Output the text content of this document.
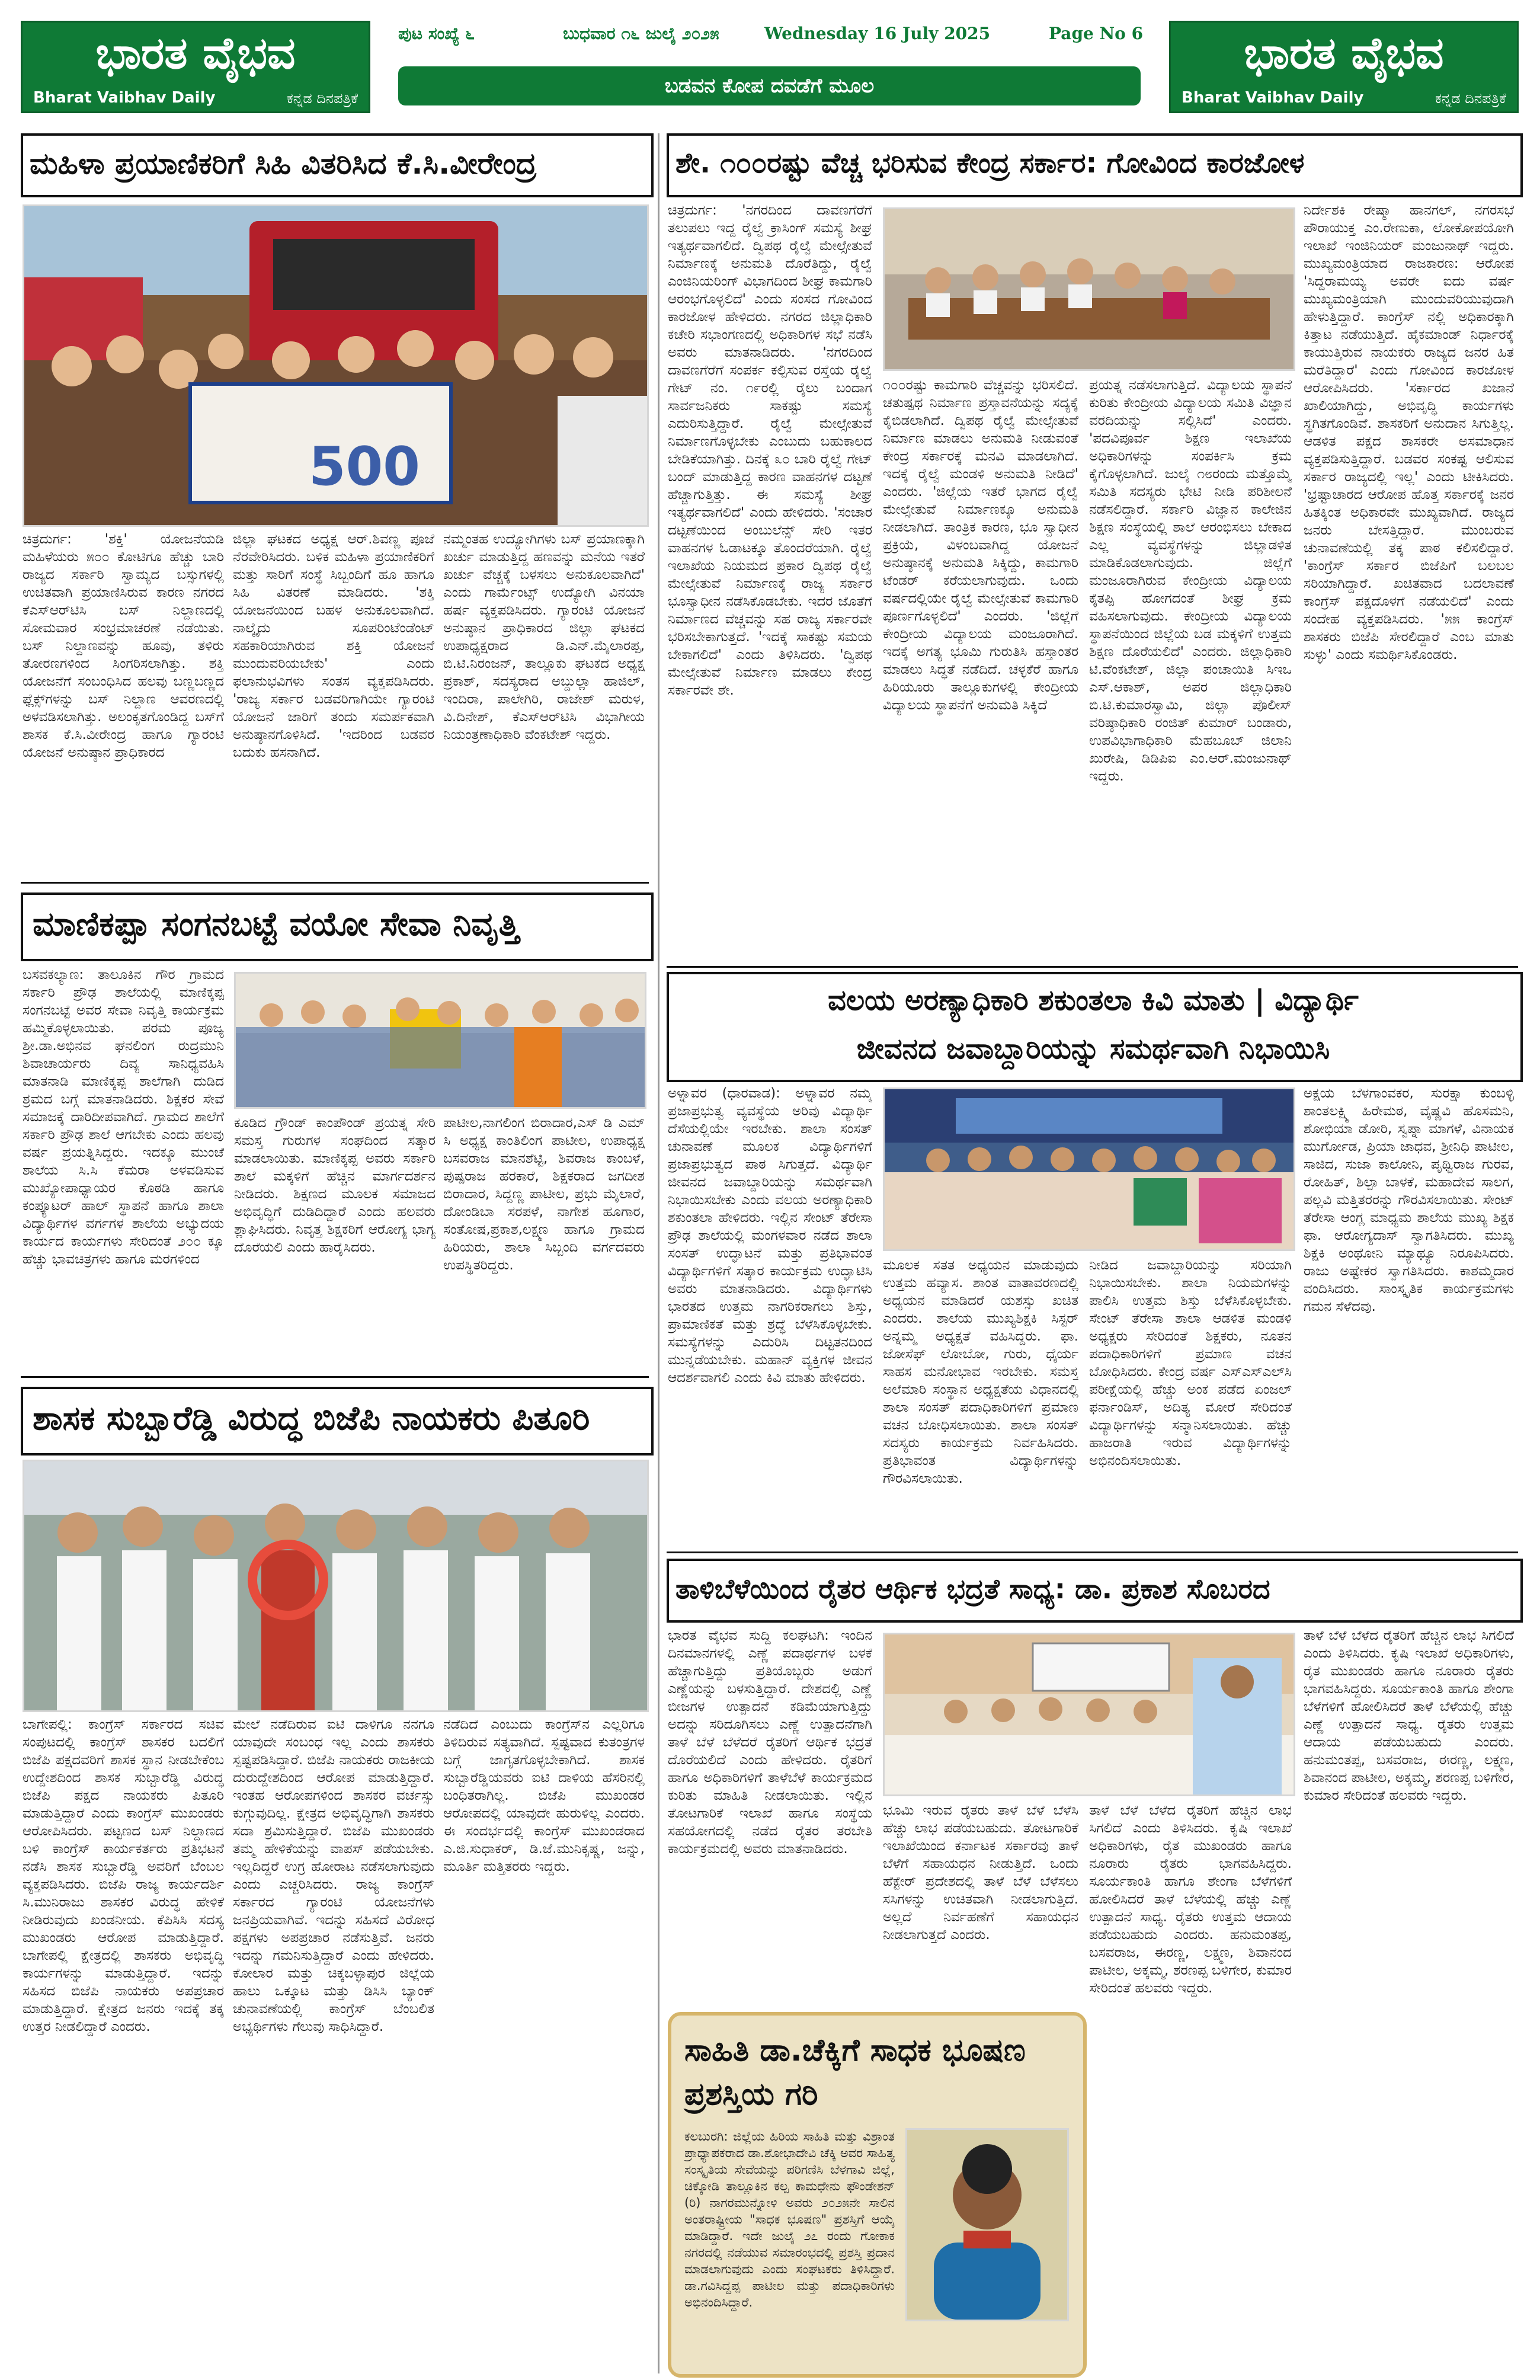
ಭಾರತ ವೈಭವ
Bharat Vaibhav Daily	ಕನ್ನಡ ದಿನಪತ್ರಿಕೆ
ಭಾರತ ವೈಭವ
Bharat Vaibhav Daily	ಕನ್ನಡ ದಿನಪತ್ರಿಕೆ
ಪುಟ ಸಂಖ್ಯೆ ೬	ಬುಧವಾರ ೧೬ ಜುಲೈ ೨೦೨೫	Wednesday 16 July 2025	Page No 6
ಬಡವನ ಕೋಪ ದವಡೆಗೆ ಮೂಲ
ಮಹಿಳಾ ಪ್ರಯಾಣಿಕರಿಗೆ ಸಿಹಿ ವಿತರಿಸಿದ ಕೆ.ಸಿ.ವೀರೇಂದ್ರ
500
ಚಿತ್ರದುರ್ಗ: 'ಶಕ್ತಿ' ಯೋಜನೆಯಡಿ ಮಹಿಳೆಯರು ೫೦೦ ಕೋಟಿಗೂ ಹೆಚ್ಚು ಬಾರಿ ರಾಜ್ಯದ ಸರ್ಕಾರಿ ಸ್ವಾಮ್ಯದ ಬಸ್ಸುಗಳಲ್ಲಿ ಉಚಿತವಾಗಿ ಪ್ರಯಾಣಿಸಿರುವ ಕಾರಣ ನಗರದ ಕೆಎಸ್‌ಆರ್‌ಟಿಸಿ ಬಸ್ ನಿಲ್ದಾಣದಲ್ಲಿ ಸೋಮವಾರ ಸಂಭ್ರಮಾಚರಣೆ ನಡೆಯಿತು. ಬಸ್ ನಿಲ್ದಾಣವನ್ನು ಹೂವು, ತಳಿರು ತೋರಣಗಳಿಂದ ಸಿಂಗರಿಸಲಾಗಿತ್ತು. ಶಕ್ತಿ ಯೋಜನೆಗೆ ಸಂಬಂಧಿಸಿದ ಹಲವು ಬಣ್ಣಬಣ್ಣದ ಫ್ಲೆಕ್ಸ್‌ಗಳನ್ನು ಬಸ್ ನಿಲ್ದಾಣ ಆವರಣದಲ್ಲಿ ಅಳವಡಿಸಲಾಗಿತ್ತು. ಅಲಂಕೃತಗೊಂಡಿದ್ದ ಬಸ್‌ಗೆ ಶಾಸಕ ಕೆ.ಸಿ.ವೀರೇಂದ್ರ ಹಾಗೂ ಗ್ಯಾರಂಟಿ ಯೋಜನೆ ಅನುಷ್ಠಾನ ಪ್ರಾಧಿಕಾರದ
ಜಿಲ್ಲಾ ಘಟಕದ ಅಧ್ಯಕ್ಷ ಆರ್.ಶಿವಣ್ಣ ಪೂಜೆ ನೆರವೇರಿಸಿದರು. ಬಳಿಕ ಮಹಿಳಾ ಪ್ರಯಾಣಿಕರಿಗೆ ಮತ್ತು ಸಾರಿಗೆ ಸಂಸ್ಥೆ ಸಿಬ್ಬಂದಿಗೆ ಹೂ ಹಾಗೂ ಸಿಹಿ ವಿತರಣೆ ಮಾಡಿದರು. 'ಶಕ್ತಿ ಯೋಜನೆಯಿಂದ ಬಹಳ ಅನುಕೂಲವಾಗಿದೆ. ನಾಲ್ಕೈದು ಸೂಪರಿಂಟೆಂಡೆಂಟ್ ಸಹಕಾರಿಯಾಗಿರುವ ಶಕ್ತಿ ಯೋಜನೆ ಮುಂದುವರಿಯಬೇಕು' ಎಂದು ಫಲಾನುಭವಿಗಳು ಸಂತಸ ವ್ಯಕ್ತಪಡಿಸಿದರು. 'ರಾಜ್ಯ ಸರ್ಕಾರ ಬಡವರಿಗಾಗಿಯೇ ಗ್ಯಾರಂಟಿ ಯೋಜನೆ ಜಾರಿಗೆ ತಂದು ಸಮರ್ಪಕವಾಗಿ ಅನುಷ್ಠಾನಗೊಳಿಸಿದೆ. 'ಇದರಿಂದ ಬಡವರ ಬದುಕು ಹಸನಾಗಿದೆ.
ನಮ್ಮಂತಹ ಉದ್ಯೋಗಿಗಳು ಬಸ್ ಪ್ರಯಾಣಕ್ಕಾಗಿ ಖರ್ಚು ಮಾಡುತ್ತಿದ್ದ ಹಣವನ್ನು ಮನೆಯ ಇತರೆ ಖರ್ಚು ವೆಚ್ಚಕ್ಕೆ ಬಳಸಲು ಅನುಕೂಲವಾಗಿದೆ' ಎಂದು ಗಾರ್ಮೆಂಟ್ಸ್ ಉದ್ಯೋಗಿ ವಿನಯಾ ಹರ್ಷ ವ್ಯಕ್ತಪಡಿಸಿದರು. ಗ್ಯಾರಂಟಿ ಯೋಜನೆ ಅನುಷ್ಠಾನ ಪ್ರಾಧಿಕಾರದ ಜಿಲ್ಲಾ ಘಟಕದ ಉಪಾಧ್ಯಕ್ಷರಾದ ಡಿ.ಎನ್.ಮೈಲಾರಪ್ಪ, ಬಿ.ಟಿ.ನಿರಂಜನ್, ತಾಲ್ಲೂಕು ಘಟಕದ ಅಧ್ಯಕ್ಷ ಪ್ರಕಾಶ್, ಸದಸ್ಯರಾದ ಅಬ್ದುಲ್ಲಾ ಹಾಜಿಲ್, ಇಂದಿರಾ, ಪಾಲೇಗಿರಿ, ರಾಜೇಶ್ ಮರುಳ, ವಿ.ದಿನೇಶ್, ಕೆಎಸ್‌ಆರ್‌ಟಿಸಿ ವಿಭಾಗೀಯ ನಿಯಂತ್ರಣಾಧಿಕಾರಿ ವೆಂಕಟೇಶ್ ಇದ್ದರು.
ಮಾಣಿಕಪ್ಪಾ ಸಂಗನಬಟ್ಟೆ ವಯೋ ಸೇವಾ ನಿವೃತ್ತಿ
ಬಸವಕಲ್ಯಾಣ: ತಾಲೂಕಿನ ಗೌರ ಗ್ರಾಮದ ಸರ್ಕಾರಿ ಪ್ರೌಢ ಶಾಲೆಯಲ್ಲಿ ಮಾಣಿಕ್ಕಪ್ಪ ಸಂಗನಬಟ್ಟೆ ಅವರ ಸೇವಾ ನಿವೃತ್ತಿ ಕಾರ್ಯಕ್ರಮ ಹಮ್ಮಿಕೊಳ್ಳಲಾಯಿತು. ಪರಮ ಪೂಜ್ಯ ಶ್ರೀ.ಡಾ.ಅಭಿನವ ಘನಲಿಂಗ ರುದ್ರಮುನಿ ಶಿವಾಚಾರ್ಯರು ದಿವ್ಯ ಸಾನಿಧ್ಯವಹಿಸಿ ಮಾತನಾಡಿ ಮಾಣಿಕ್ಕಪ್ಪ ಶಾಲೆಗಾಗಿ ದುಡಿದ ಶ್ರಮದ ಬಗ್ಗೆ ಮಾತನಾಡಿದರು. ಶಿಕ್ಷಕರ ಸೇವೆ ಸಮಾಜಕ್ಕೆ ದಾರಿದೀಪವಾಗಿದೆ. ಗ್ರಾಮದ ಶಾಲೆಗೆ ಸರ್ಕಾರಿ ಪ್ರೌಢ ಶಾಲೆ ಆಗಬೇಕು ಎಂದು ಹಲವು ವರ್ಷ ಪ್ರಯತ್ನಿಸಿದ್ದರು. ಇದಕ್ಕೂ ಮುಂಚೆ ಶಾಲೆಯ ಸಿ.ಸಿ ಕೆಮರಾ ಅಳವಡಿಸುವ ಮುಖ್ಯೋಪಾಧ್ಯಾಯರ ಕೊಠಡಿ ಹಾಗೂ ಕಂಪ್ಯೂಟರ್ ಹಾಲ್ ಸ್ಥಾಪನೆ ಹಾಗೂ ಶಾಲಾ ವಿದ್ಯಾರ್ಥಿಗಳ ವರ್ಗಗಳ ಶಾಲೆಯ ಅಭ್ಯುದಯ ಕಾರ್ಯದ ಕಾರ್ಯಗಳು ಸೇರಿದಂತೆ ೨೦೦ ಕ್ಕೂ ಹೆಚ್ಚು ಭಾವಚಿತ್ರಗಳು ಹಾಗೂ ಮರಗಳಿಂದ
ಕೂಡಿದ ಗ್ರೌಂಡ್ ಕಾಂಪೌಂಡ್ ಪ್ರಯತ್ನ ಸೇರಿ ಸಮಸ್ತ ಗುರುಗಳ ಸಂಘದಿಂದ ಸತ್ಕಾರ ಮಾಡಲಾಯಿತು. ಮಾಣಿಕ್ಕಪ್ಪ ಅವರು ಸರ್ಕಾರಿ ಶಾಲೆ ಮಕ್ಕಳಿಗೆ ಹೆಚ್ಚಿನ ಮಾರ್ಗದರ್ಶನ ನೀಡಿದರು. ಶಿಕ್ಷಣದ ಮೂಲಕ ಸಮಾಜದ ಅಭಿವೃದ್ಧಿಗೆ ದುಡಿದಿದ್ದಾರೆ ಎಂದು ಹಲವರು ಶ್ಲಾಘಿಸಿದರು. ನಿವೃತ್ತ ಶಿಕ್ಷಕರಿಗೆ ಆರೋಗ್ಯ ಭಾಗ್ಯ ದೊರೆಯಲಿ ಎಂದು ಹಾರೈಸಿದರು.
ಪಾಟೀಲ,ನಾಗಲಿಂಗ ಬಿರಾದಾರ,ಎಸ್ ಡಿ ಎಮ್ ಸಿ ಅಧ್ಯಕ್ಷ ಕಾಂತಿಲಿಂಗ ಪಾಟೀಲ, ಉಪಾಧ್ಯಕ್ಷ ಬಸವರಾಜ ಮಾನಶೆಟ್ಟಿ, ಶಿವರಾಜ ಕಾಂಬಳೆ, ಪುಷ್ಪರಾಜ ಹರಕಾರೆ, ಶಿಕ್ಷಕರಾದ ಜಗದೀಶ ಬಿರಾದಾರ, ಸಿದ್ದಣ್ಣ ಪಾಟೀಲ, ಪ್ರಭು ಮೈಲಾರೆ, ದೋಂಡಿಬಾ ಸರಪಳೆ, ನಾಗೇಶ ಹೂಗಾರ, ಸಂತೋಷ,ಪ್ರಕಾಶ,ಲಕ್ಷ್ಮಣ ಹಾಗೂ ಗ್ರಾಮದ ಹಿರಿಯರು, ಶಾಲಾ ಸಿಬ್ಬಂದಿ ವರ್ಗದವರು ಉಪಸ್ಥಿತರಿದ್ದರು.
ಶಾಸಕ ಸುಬ್ಬಾರೆಡ್ಡಿ ವಿರುದ್ಧ ಬಿಜೆಪಿ ನಾಯಕರು ಪಿತೂರಿ
ಬಾಗೇಪಲ್ಲಿ: ಕಾಂಗ್ರೆಸ್ ಸರ್ಕಾರದ ಸಚಿವ ಸಂಪುಟದಲ್ಲಿ ಕಾಂಗ್ರೆಸ್ ಶಾಸಕರ ಬದಲಿಗೆ ಬಿಜೆಪಿ ಪಕ್ಷದವರಿಗೆ ಶಾಸಕ ಸ್ಥಾನ ನೀಡಬೇಕೆಂಬ ಉದ್ದೇಶದಿಂದ ಶಾಸಕ ಸುಬ್ಬಾರೆಡ್ಡಿ ವಿರುದ್ಧ ಬಿಜೆಪಿ ಪಕ್ಷದ ನಾಯಕರು ಪಿತೂರಿ ಮಾಡುತ್ತಿದ್ದಾರೆ ಎಂದು ಕಾಂಗ್ರೆಸ್ ಮುಖಂಡರು ಆರೋಪಿಸಿದರು. ಪಟ್ಟಣದ ಬಸ್ ನಿಲ್ದಾಣದ ಬಳಿ ಕಾಂಗ್ರೆಸ್ ಕಾರ್ಯಕರ್ತರು ಪ್ರತಿಭಟನೆ ನಡೆಸಿ ಶಾಸಕ ಸುಬ್ಬಾರೆಡ್ಡಿ ಅವರಿಗೆ ಬೆಂಬಲ ವ್ಯಕ್ತಪಡಿಸಿದರು. ಬಿಜೆಪಿ ರಾಜ್ಯ ಕಾರ್ಯದರ್ಶಿ ಸಿ.ಮುನಿರಾಜು ಶಾಸಕರ ವಿರುದ್ಧ ಹೇಳಿಕೆ ನೀಡಿರುವುದು ಖಂಡನೀಯ. ಕೆಪಿಸಿಸಿ ಸದಸ್ಯ ಮುಖಂಡರು ಆರೋಪ ಮಾಡುತ್ತಿದ್ದಾರೆ. ಬಾಗೇಪಲ್ಲಿ ಕ್ಷೇತ್ರದಲ್ಲಿ ಶಾಸಕರು ಅಭಿವೃದ್ಧಿ ಕಾರ್ಯಗಳನ್ನು ಮಾಡುತ್ತಿದ್ದಾರೆ. ಇದನ್ನು ಸಹಿಸದ ಬಿಜೆಪಿ ನಾಯಕರು ಅಪಪ್ರಚಾರ ಮಾಡುತ್ತಿದ್ದಾರೆ. ಕ್ಷೇತ್ರದ ಜನರು ಇದಕ್ಕೆ ತಕ್ಕ ಉತ್ತರ ನೀಡಲಿದ್ದಾರೆ ಎಂದರು.
ಮೇಲೆ ನಡೆದಿರುವ ಐಟಿ ದಾಳಿಗೂ ನನಗೂ ಯಾವುದೇ ಸಂಬಂಧ ಇಲ್ಲ ಎಂದು ಶಾಸಕರು ಸ್ಪಷ್ಟಪಡಿಸಿದ್ದಾರೆ. ಬಿಜೆಪಿ ನಾಯಕರು ರಾಜಕೀಯ ದುರುದ್ದೇಶದಿಂದ ಆರೋಪ ಮಾಡುತ್ತಿದ್ದಾರೆ. ಇಂತಹ ಆರೋಪಗಳಿಂದ ಶಾಸಕರ ವರ್ಚಸ್ಸು ಕುಗ್ಗುವುದಿಲ್ಲ. ಕ್ಷೇತ್ರದ ಅಭಿವೃದ್ಧಿಗಾಗಿ ಶಾಸಕರು ಸದಾ ಶ್ರಮಿಸುತ್ತಿದ್ದಾರೆ. ಬಿಜೆಪಿ ಮುಖಂಡರು ತಮ್ಮ ಹೇಳಿಕೆಯನ್ನು ವಾಪಸ್ ಪಡೆಯಬೇಕು. ಇಲ್ಲದಿದ್ದರೆ ಉಗ್ರ ಹೋರಾಟ ನಡೆಸಲಾಗುವುದು ಎಂದು ಎಚ್ಚರಿಸಿದರು. ರಾಜ್ಯ ಕಾಂಗ್ರೆಸ್ ಸರ್ಕಾರದ ಗ್ಯಾರಂಟಿ ಯೋಜನೆಗಳು ಜನಪ್ರಿಯವಾಗಿವೆ. ಇದನ್ನು ಸಹಿಸದೆ ವಿರೋಧ ಪಕ್ಷಗಳು ಅಪಪ್ರಚಾರ ನಡೆಸುತ್ತಿವೆ. ಜನರು ಇದನ್ನು ಗಮನಿಸುತ್ತಿದ್ದಾರೆ ಎಂದು ಹೇಳಿದರು. ಕೋಲಾರ ಮತ್ತು ಚಿಕ್ಕಬಳ್ಳಾಪುರ ಜಿಲ್ಲೆಯ ಹಾಲು ಒಕ್ಕೂಟ ಮತ್ತು ಡಿಸಿಸಿ ಬ್ಯಾಂಕ್ ಚುನಾವಣೆಯಲ್ಲಿ ಕಾಂಗ್ರೆಸ್ ಬೆಂಬಲಿತ ಅಭ್ಯರ್ಥಿಗಳು ಗೆಲುವು ಸಾಧಿಸಿದ್ದಾರೆ.
ನಡೆದಿದೆ ಎಂಬುದು ಕಾಂಗ್ರೆಸ್‌ನ ಎಲ್ಲರಿಗೂ ತಿಳಿದಿರುವ ಸತ್ಯವಾಗಿದೆ. ಸ್ಪಷ್ಟವಾದ ಕುತಂತ್ರಗಳ ಬಗ್ಗೆ ಜಾಗೃತಗೊಳ್ಳಬೇಕಾಗಿದೆ. ಶಾಸಕ ಸುಬ್ಬಾರೆಡ್ಡಿಯವರು ಐಟಿ ದಾಳಿಯ ಹೆಸರಿನಲ್ಲಿ ಬಂಧಿತರಾಗಿಲ್ಲ. ಬಿಜೆಪಿ ಮುಖಂಡರ ಆರೋಪದಲ್ಲಿ ಯಾವುದೇ ಹುರುಳಿಲ್ಲ ಎಂದರು. ಈ ಸಂದರ್ಭದಲ್ಲಿ ಕಾಂಗ್ರೆಸ್ ಮುಖಂಡರಾದ ಎ.ಜಿ.ಸುಧಾಕರ್, ಡಿ.ಜೆ.ಮುನಿಕೃಷ್ಣ, ಜನ್ನು, ಮೂರ್ತಿ ಮತ್ತಿತರರು ಇದ್ದರು.
ಶೇ. ೧೦೦ರಷ್ಟು ವೆಚ್ಚ ಭರಿಸುವ ಕೇಂದ್ರ ಸರ್ಕಾರ: ಗೋವಿಂದ ಕಾರಜೋಳ
ಚಿತ್ರದುರ್ಗ: 'ನಗರದಿಂದ ದಾವಣಗೆರೆಗೆ ತಲುಪಲು ಇದ್ದ ರೈಲ್ವೆ ಕ್ರಾಸಿಂಗ್ ಸಮಸ್ಯೆ ಶೀಘ್ರ ಇತ್ಯರ್ಥವಾಗಲಿದೆ. ದ್ವಿಪಥ ರೈಲ್ವೆ ಮೇಲ್ಸೇತುವೆ ನಿರ್ಮಾಣಕ್ಕೆ ಅನುಮತಿ ದೊರೆತಿದ್ದು, ರೈಲ್ವೆ ಎಂಜಿನಿಯರಿಂಗ್ ವಿಭಾಗದಿಂದ ಶೀಘ್ರ ಕಾಮಗಾರಿ ಆರಂಭಗೊಳ್ಳಲಿದೆ' ಎಂದು ಸಂಸದ ಗೋವಿಂದ ಕಾರಜೋಳ ಹೇಳಿದರು. ನಗರದ ಜಿಲ್ಲಾಧಿಕಾರಿ ಕಚೇರಿ ಸಭಾಂಗಣದಲ್ಲಿ ಅಧಿಕಾರಿಗಳ ಸಭೆ ನಡೆಸಿ ಅವರು ಮಾತನಾಡಿದರು. 'ನಗರದಿಂದ ದಾವಣಗೆರೆಗೆ ಸಂಪರ್ಕ ಕಲ್ಪಿಸುವ ರಸ್ತೆಯ ರೈಲ್ವೆ ಗೇಟ್ ನಂ. ೧೯ರಲ್ಲಿ ರೈಲು ಬಂದಾಗ ಸಾರ್ವಜನಿಕರು ಸಾಕಷ್ಟು ಸಮಸ್ಯೆ ಎದುರಿಸುತ್ತಿದ್ದಾರೆ. ರೈಲ್ವೆ ಮೇಲ್ಸೇತುವೆ ನಿರ್ಮಾಣಗೊಳ್ಳಬೇಕು ಎಂಬುದು ಬಹುಕಾಲದ ಬೇಡಿಕೆಯಾಗಿತ್ತು. ದಿನಕ್ಕೆ ೩೦ ಬಾರಿ ರೈಲ್ವೆ ಗೇಟ್ ಬಂದ್ ಮಾಡುತ್ತಿದ್ದ ಕಾರಣ ವಾಹನಗಳ ದಟ್ಟಣೆ ಹೆಚ್ಚಾಗುತ್ತಿತ್ತು. ಈ ಸಮಸ್ಯೆ ಶೀಘ್ರ ಇತ್ಯರ್ಥವಾಗಲಿದೆ' ಎಂದು ಹೇಳಿದರು. 'ಸಂಚಾರ ದಟ್ಟಣೆಯಿಂದ ಅಂಬುಲೆನ್ಸ್ ಸೇರಿ ಇತರ ವಾಹನಗಳ ಓಡಾಟಕ್ಕೂ ತೊಂದರೆಯಾಗಿ. ರೈಲ್ವೆ ಇಲಾಖೆಯ ನಿಯಮದ ಪ್ರಕಾರ ದ್ವಿಪಥ ರೈಲ್ವೆ ಮೇಲ್ಸೇತುವೆ ನಿರ್ಮಾಣಕ್ಕೆ ರಾಜ್ಯ ಸರ್ಕಾರ ಭೂಸ್ವಾಧೀನ ನಡೆಸಿಕೊಡಬೇಕು. ಇದರ ಜೊತೆಗೆ ನಿರ್ಮಾಣದ ವೆಚ್ಚವನ್ನು ಸಹ ರಾಜ್ಯ ಸರ್ಕಾರವೇ ಭರಿಸಬೇಕಾಗುತ್ತದೆ. 'ಇದಕ್ಕೆ ಸಾಕಷ್ಟು ಸಮಯ ಬೇಕಾಗಲಿದೆ' ಎಂದು ತಿಳಿಸಿದರು. 'ದ್ವಿಪಥ ಮೇಲ್ಸೇತುವೆ ನಿರ್ಮಾಣ ಮಾಡಲು ಕೇಂದ್ರ ಸರ್ಕಾರವೇ ಶೇ.
೧೦೦ರಷ್ಟು ಕಾಮಗಾರಿ ವೆಚ್ಚವನ್ನು ಭರಿಸಲಿದೆ. ಚತುಷ್ಪಥ ನಿರ್ಮಾಣ ಪ್ರಸ್ತಾವನೆಯನ್ನು ಸದ್ಯಕ್ಕೆ ಕೈಬಿಡಲಾಗಿದೆ. ದ್ವಿಪಥ ರೈಲ್ವೆ ಮೇಲ್ಸೇತುವೆ ನಿರ್ಮಾಣ ಮಾಡಲು ಅನುಮತಿ ನೀಡುವಂತೆ ಕೇಂದ್ರ ಸರ್ಕಾರಕ್ಕೆ ಮನವಿ ಮಾಡಲಾಗಿದೆ. ಇದಕ್ಕೆ ರೈಲ್ವೆ ಮಂಡಳಿ ಅನುಮತಿ ನೀಡಿದೆ' ಎಂದರು. 'ಜಿಲ್ಲೆಯ ಇತರೆ ಭಾಗದ ರೈಲ್ವೆ ಮೇಲ್ಸೇತುವೆ ನಿರ್ಮಾಣಕ್ಕೂ ಅನುಮತಿ ನೀಡಲಾಗಿದೆ. ತಾಂತ್ರಿಕ ಕಾರಣ, ಭೂ ಸ್ವಾಧೀನ ಪ್ರಕ್ರಿಯೆ, ವಿಳಂಬವಾಗಿದ್ದ ಯೋಜನೆ ಅನುಷ್ಠಾನಕ್ಕೆ ಅನುಮತಿ ಸಿಕ್ಕಿದ್ದು, ಕಾಮಗಾರಿ ಟೆಂಡರ್ ಕರೆಯಲಾಗುವುದು. ಒಂದು ವರ್ಷದಲ್ಲಿಯೇ ರೈಲ್ವೆ ಮೇಲ್ಸೇತುವೆ ಕಾಮಗಾರಿ ಪೂರ್ಣಗೊಳ್ಳಲಿದೆ' ಎಂದರು. 'ಜಿಲ್ಲೆಗೆ ಕೇಂದ್ರೀಯ ವಿದ್ಯಾಲಯ ಮಂಜೂರಾಗಿದೆ. ಇದಕ್ಕೆ ಅಗತ್ಯ ಭೂಮಿ ಗುರುತಿಸಿ ಹಸ್ತಾಂತರ ಮಾಡಲು ಸಿದ್ಧತೆ ನಡೆದಿದೆ. ಚಳ್ಳಕೆರೆ ಹಾಗೂ ಹಿರಿಯೂರು ತಾಲ್ಲೂಕುಗಳಲ್ಲಿ ಕೇಂದ್ರೀಯ ವಿದ್ಯಾಲಯ ಸ್ಥಾಪನೆಗೆ ಅನುಮತಿ ಸಿಕ್ಕಿದೆ
ಪ್ರಯತ್ನ ನಡೆಸಲಾಗುತ್ತಿದೆ. ವಿದ್ಯಾಲಯ ಸ್ಥಾಪನೆ ಕುರಿತು ಕೇಂದ್ರೀಯ ವಿದ್ಯಾಲಯ ಸಮಿತಿ ವಿಜ್ಞಾನ ವರದಿಯನ್ನು ಸಲ್ಲಿಸಿದೆ' ಎಂದರು. 'ಪದವಿಪೂರ್ವ ಶಿಕ್ಷಣ ಇಲಾಖೆಯ ಅಧಿಕಾರಿಗಳನ್ನು ಸಂಪರ್ಕಿಸಿ ಕ್ರಮ ಕೈಗೊಳ್ಳಲಾಗಿದೆ. ಜುಲೈ ೧೮ರಂದು ಮತ್ತೊಮ್ಮೆ ಸಮಿತಿ ಸದಸ್ಯರು ಭೇಟಿ ನೀಡಿ ಪರಿಶೀಲನೆ ನಡೆಸಲಿದ್ದಾರೆ. ಸರ್ಕಾರಿ ವಿಜ್ಞಾನ ಕಾಲೇಜಿನ ಶಿಕ್ಷಣ ಸಂಸ್ಥೆಯಲ್ಲಿ ಶಾಲೆ ಆರಂಭಿಸಲು ಬೇಕಾದ ಎಲ್ಲ ವ್ಯವಸ್ಥೆಗಳನ್ನು ಜಿಲ್ಲಾಡಳಿತ ಮಾಡಿಕೊಡಲಾಗುವುದು. ಜಿಲ್ಲೆಗೆ ಮಂಜೂರಾಗಿರುವ ಕೇಂದ್ರೀಯ ವಿದ್ಯಾಲಯ ಕೈತಪ್ಪಿ ಹೋಗದಂತೆ ಶೀಘ್ರ ಕ್ರಮ ವಹಿಸಲಾಗುವುದು. ಕೇಂದ್ರೀಯ ವಿದ್ಯಾಲಯ ಸ್ಥಾಪನೆಯಿಂದ ಜಿಲ್ಲೆಯ ಬಡ ಮಕ್ಕಳಿಗೆ ಉತ್ತಮ ಶಿಕ್ಷಣ ದೊರೆಯಲಿದೆ' ಎಂದರು. ಜಿಲ್ಲಾಧಿಕಾರಿ ಟಿ.ವೆಂಕಟೇಶ್, ಜಿಲ್ಲಾ ಪಂಚಾಯಿತಿ ಸಿಇಒ ಎಸ್.ಆಕಾಶ್, ಅಪರ ಜಿಲ್ಲಾಧಿಕಾರಿ ಬಿ.ಟಿ.ಕುಮಾರಸ್ವಾಮಿ, ಜಿಲ್ಲಾ ಪೊಲೀಸ್ ವರಿಷ್ಠಾಧಿಕಾರಿ ರಂಜಿತ್ ಕುಮಾರ್ ಬಂಡಾರು, ಉಪವಿಭಾಗಾಧಿಕಾರಿ ಮೆಹಬೂಬ್ ಜಿಲಾನಿ ಖುರೇಷಿ, ಡಿಡಿಪಿಐ ಎಂ.ಆರ್.ಮಂಜುನಾಥ್ ಇದ್ದರು.
ನಿರ್ದೇಶಕಿ ರೇಷ್ಮಾ ಹಾನಗಲ್, ನಗರಸಭೆ ಪೌರಾಯುಕ್ತ ಎಂ.ರೇಣುಕಾ, ಲೋಕೋಪಯೋಗಿ ಇಲಾಖೆ ಇಂಜಿನಿಯರ್ ಮಂಜುನಾಥ್ ಇದ್ದರು. ಮುಖ್ಯಮಂತ್ರಿಯಾದ ರಾಜಕಾರಣ: ಆರೋಪ 'ಸಿದ್ದರಾಮಯ್ಯ ಅವರೇ ಐದು ವರ್ಷ ಮುಖ್ಯಮಂತ್ರಿಯಾಗಿ ಮುಂದುವರಿಯುವುದಾಗಿ ಹೇಳುತ್ತಿದ್ದಾರೆ. ಕಾಂಗ್ರೆಸ್ ನಲ್ಲಿ ಅಧಿಕಾರಕ್ಕಾಗಿ ಕಿತ್ತಾಟ ನಡೆಯುತ್ತಿದೆ. ಹೈಕಮಾಂಡ್ ನಿರ್ಧಾರಕ್ಕೆ ಕಾಯುತ್ತಿರುವ ನಾಯಕರು ರಾಜ್ಯದ ಜನರ ಹಿತ ಮರೆತಿದ್ದಾರೆ' ಎಂದು ಗೋವಿಂದ ಕಾರಜೋಳ ಆರೋಪಿಸಿದರು. 'ಸರ್ಕಾರದ ಖಜಾನೆ ಖಾಲಿಯಾಗಿದ್ದು, ಅಭಿವೃದ್ಧಿ ಕಾರ್ಯಗಳು ಸ್ಥಗಿತಗೊಂಡಿವೆ. ಶಾಸಕರಿಗೆ ಅನುದಾನ ಸಿಗುತ್ತಿಲ್ಲ. ಆಡಳಿತ ಪಕ್ಷದ ಶಾಸಕರೇ ಅಸಮಾಧಾನ ವ್ಯಕ್ತಪಡಿಸುತ್ತಿದ್ದಾರೆ. ಬಡವರ ಸಂಕಷ್ಟ ಆಲಿಸುವ ಸರ್ಕಾರ ರಾಜ್ಯದಲ್ಲಿ ಇಲ್ಲ' ಎಂದು ಟೀಕಿಸಿದರು. 'ಭ್ರಷ್ಟಾಚಾರದ ಆರೋಪ ಹೊತ್ತ ಸರ್ಕಾರಕ್ಕೆ ಜನರ ಹಿತಕ್ಕಿಂತ ಅಧಿಕಾರವೇ ಮುಖ್ಯವಾಗಿದೆ. ರಾಜ್ಯದ ಜನರು ಬೇಸತ್ತಿದ್ದಾರೆ. ಮುಂಬರುವ ಚುನಾವಣೆಯಲ್ಲಿ ತಕ್ಕ ಪಾಠ ಕಲಿಸಲಿದ್ದಾರೆ. 'ಕಾಂಗ್ರೆಸ್ ಸರ್ಕಾರ ಬಿಜೆಪಿಗೆ ಬಲಬಲ ಸರಿಯಾಗಿದ್ದಾರೆ. ಖಚಿತವಾದ ಬದಲಾವಣೆ ಕಾಂಗ್ರೆಸ್ ಪಕ್ಷದೊಳಗೆ ನಡೆಯಲಿದೆ' ಎಂದು ಸಂದೇಹ ವ್ಯಕ್ತಪಡಿಸಿದರು. '೫೫ ಕಾಂಗ್ರೆಸ್ ಶಾಸಕರು ಬಿಜೆಪಿ ಸೇರಲಿದ್ದಾರೆ ಎಂಬ ಮಾತು ಸುಳ್ಳು' ಎಂದು ಸಮರ್ಥಿಸಿಕೊಂಡರು.
ವಲಯ ಅರಣ್ಯಾಧಿಕಾರಿ ಶಕುಂತಲಾ ಕಿವಿ ಮಾತು | ವಿದ್ಯಾರ್ಥಿ
ಜೀವನದ ಜವಾಬ್ದಾರಿಯನ್ನು ಸಮರ್ಥವಾಗಿ ನಿಭಾಯಿಸಿ
ಅಳ್ನಾವರ (ಧಾರವಾಡ): ಅಳ್ನಾವರ ನಮ್ಮ ಪ್ರಜಾಪ್ರಭುತ್ವ ವ್ಯವಸ್ಥೆಯ ಅರಿವು ವಿದ್ಯಾರ್ಥಿ ದೆಸೆಯಲ್ಲಿಯೇ ಇರಬೇಕು. ಶಾಲಾ ಸಂಸತ್ ಚುನಾವಣೆ ಮೂಲಕ ವಿದ್ಯಾರ್ಥಿಗಳಿಗೆ ಪ್ರಜಾಪ್ರಭುತ್ವದ ಪಾಠ ಸಿಗುತ್ತದೆ. ವಿದ್ಯಾರ್ಥಿ ಜೀವನದ ಜವಾಬ್ದಾರಿಯನ್ನು ಸಮರ್ಥವಾಗಿ ನಿಭಾಯಿಸಬೇಕು ಎಂದು ವಲಯ ಅರಣ್ಯಾಧಿಕಾರಿ ಶಕುಂತಲಾ ಹೇಳಿದರು. ಇಲ್ಲಿನ ಸೇಂಟ್ ತೆರೇಸಾ ಪ್ರೌಢ ಶಾಲೆಯಲ್ಲಿ ಮಂಗಳವಾರ ನಡೆದ ಶಾಲಾ ಸಂಸತ್ ಉದ್ಘಾಟನೆ ಮತ್ತು ಪ್ರತಿಭಾವಂತ ವಿದ್ಯಾರ್ಥಿಗಳಿಗೆ ಸತ್ಕಾರ ಕಾರ್ಯಕ್ರಮ ಉದ್ಘಾಟಿಸಿ ಅವರು ಮಾತನಾಡಿದರು. ವಿದ್ಯಾರ್ಥಿಗಳು ಭಾರತದ ಉತ್ತಮ ನಾಗರಿಕರಾಗಲು ಶಿಸ್ತು, ಪ್ರಾಮಾಣಿಕತೆ ಮತ್ತು ಶ್ರದ್ಧೆ ಬೆಳೆಸಿಕೊಳ್ಳಬೇಕು. ಸಮಸ್ಯೆಗಳನ್ನು ಎದುರಿಸಿ ದಿಟ್ಟತನದಿಂದ ಮುನ್ನಡೆಯಬೇಕು. ಮಹಾನ್ ವ್ಯಕ್ತಿಗಳ ಜೀವನ ಆದರ್ಶವಾಗಲಿ ಎಂದು ಕಿವಿ ಮಾತು ಹೇಳಿದರು.
ಮೂಲಕ ಸತತ ಅಧ್ಯಯನ ಮಾಡುವುದು ಉತ್ತಮ ಹವ್ಯಾಸ. ಶಾಂತ ವಾತಾವರಣದಲ್ಲಿ ಅಧ್ಯಯನ ಮಾಡಿದರೆ ಯಶಸ್ಸು ಖಚಿತ ಎಂದರು. ಶಾಲೆಯ ಮುಖ್ಯಶಿಕ್ಷಕಿ ಸಿಸ್ಟರ್ ಅನ್ನಮ್ಮ ಅಧ್ಯಕ್ಷತೆ ವಹಿಸಿದ್ದರು. ಫಾ. ಜೋಸೆಫ್ ಲೋಬೋ, ಗುರು, ಧೈರ್ಯ ಸಾಹಸ ಮನೋಭಾವ ಇರಬೇಕು. ಸಮಸ್ತ ಅಲೆಮಾರಿ ಸಂಸ್ಥಾನ ಅಧ್ಯಕ್ಷತೆಯ ವಿಧಾನದಲ್ಲಿ ಶಾಲಾ ಸಂಸತ್ ಪದಾಧಿಕಾರಿಗಳಿಗೆ ಪ್ರಮಾಣ ವಚನ ಬೋಧಿಸಲಾಯಿತು. ಶಾಲಾ ಸಂಸತ್ ಸದಸ್ಯರು ಕಾರ್ಯಕ್ರಮ ನಿರ್ವಹಿಸಿದರು. ಪ್ರತಿಭಾವಂತ ವಿದ್ಯಾರ್ಥಿಗಳನ್ನು ಗೌರವಿಸಲಾಯಿತು.
ನೀಡಿದ ಜವಾಬ್ದಾರಿಯನ್ನು ಸರಿಯಾಗಿ ನಿಭಾಯಿಸಬೇಕು. ಶಾಲಾ ನಿಯಮಗಳನ್ನು ಪಾಲಿಸಿ ಉತ್ತಮ ಶಿಸ್ತು ಬೆಳೆಸಿಕೊಳ್ಳಬೇಕು. ಸೇಂಟ್ ತೆರೇಸಾ ಶಾಲಾ ಆಡಳಿತ ಮಂಡಳಿ ಅಧ್ಯಕ್ಷರು ಸೇರಿದಂತೆ ಶಿಕ್ಷಕರು, ನೂತನ ಪದಾಧಿಕಾರಿಗಳಿಗೆ ಪ್ರಮಾಣ ವಚನ ಬೋಧಿಸಿದರು. ಕೇಂದ್ರ ವರ್ಷ ಎಸ್‌ಎಸ್‌ಎಲ್‌ಸಿ ಪರೀಕ್ಷೆಯಲ್ಲಿ ಹೆಚ್ಚು ಅಂಕ ಪಡೆದ ಏಂಜಲ್ ಫರ್ನಾಂಡಿಸ್, ಅದಿತ್ಯ ಮೋರೆ ಸೇರಿದಂತೆ ವಿದ್ಯಾರ್ಥಿಗಳನ್ನು ಸನ್ಮಾನಿಸಲಾಯಿತು. ಹೆಚ್ಚು ಹಾಜರಾತಿ ಇರುವ ವಿದ್ಯಾರ್ಥಿಗಳನ್ನು ಅಭಿನಂದಿಸಲಾಯಿತು.
ಅಕ್ಷಯ ಬೆಳಗಾಂವಕರ, ಸುರಕ್ಷಾ ಕುಂಬಳ್ಳಿ ಶಾಂತಲಕ್ಷ್ಮಿ ಹಿರೇಮಠ, ವೈಷ್ಣವಿ ಹೊಸಮನಿ, ಶೋಭಿಯಾ ಡೋರಿ, ಸ್ವಪ್ನಾ ಮಾಗಳೆ, ವಿನಾಯಕ ಮುರ್ಗೋಡ, ಪ್ರಿಯಾ ಜಾಧವ, ಶ್ರೀನಿಧಿ ಪಾಟೀಲ, ಸಾಜಿದ, ಸುಜಾ ಕಾಲೋನಿ, ಪೃಥ್ವಿರಾಜ ಗುರವ, ರೋಹಿತ್, ಶಿಲ್ಪಾ ಬಾಳಕೆ, ಮಹಾದೇವ ಸಾಲಗ, ಪಲ್ಲವಿ ಮತ್ತಿತರರನ್ನು ಗೌರವಿಸಲಾಯಿತು. ಸೇಂಟ್ ತೆರೇಸಾ ಆಂಗ್ಲ ಮಾಧ್ಯಮ ಶಾಲೆಯ ಮುಖ್ಯ ಶಿಕ್ಷಕ ಫಾ. ಆರೋಗ್ಯದಾಸ್ ಸ್ವಾಗತಿಸಿದರು. ಮುಖ್ಯ ಶಿಕ್ಷಕಿ ಅಂಥೋನಿ ಮ್ಯಾಥ್ಯೂ ನಿರೂಪಿಸಿದರು. ರಾಜು ಅಷ್ಟೇಕರ ಸ್ವಾಗತಿಸಿದರು. ಕಾಶಮ್ಮದಾರ ವಂದಿಸಿದರು. ಸಾಂಸ್ಕೃತಿಕ ಕಾರ್ಯಕ್ರಮಗಳು ಗಮನ ಸೆಳೆದವು.
ತಾಳಿಬೆಳೆಯಿಂದ ರೈತರ ಆರ್ಥಿಕ ಭದ್ರತೆ ಸಾಧ್ಯ: ಡಾ. ಪ್ರಕಾಶ ಸೊಬರದ
ಭಾರತ ವೈಭವ ಸುದ್ದಿ ಕಲಘಟಗಿ: ಇಂದಿನ ದಿನಮಾನಗಳಲ್ಲಿ ಎಣ್ಣೆ ಪದಾರ್ಥಗಳ ಬಳಕೆ ಹೆಚ್ಚಾಗುತ್ತಿದ್ದು ಪ್ರತಿಯೊಬ್ಬರು ಅಡುಗೆ ಎಣ್ಣೆಯನ್ನು ಬಳಸುತ್ತಿದ್ದಾರೆ. ದೇಶದಲ್ಲಿ ಎಣ್ಣೆ ಬೀಜಗಳ ಉತ್ಪಾದನೆ ಕಡಿಮೆಯಾಗುತ್ತಿದ್ದು ಅದನ್ನು ಸರಿದೂಗಿಸಲು ಎಣ್ಣೆ ಉತ್ಪಾದನೆಗಾಗಿ ತಾಳೆ ಬೆಳೆ ಬೆಳೆದರೆ ರೈತರಿಗೆ ಆರ್ಥಿಕ ಭದ್ರತೆ ದೊರೆಯಲಿದೆ ಎಂದು ಹೇಳಿದರು. ರೈತರಿಗೆ ಹಾಗೂ ಅಧಿಕಾರಿಗಳಿಗೆ ತಾಳೆಬೆಳೆ ಕಾರ್ಯಕ್ರಮದ ಕುರಿತು ಮಾಹಿತಿ ನೀಡಲಾಯಿತು. ಇಲ್ಲಿನ ತೋಟಗಾರಿಕೆ ಇಲಾಖೆ ಹಾಗೂ ಸಂಸ್ಥೆಯ ಸಹಯೋಗದಲ್ಲಿ ನಡೆದ ರೈತರ ತರಬೇತಿ ಕಾರ್ಯಕ್ರಮದಲ್ಲಿ ಅವರು ಮಾತನಾಡಿದರು.
ಭೂಮಿ ಇರುವ ರೈತರು ತಾಳೆ ಬೆಳೆ ಬೆಳೆಸಿ ಹೆಚ್ಚು ಲಾಭ ಪಡೆಯಬಹುದು. ತೋಟಗಾರಿಕೆ ಇಲಾಖೆಯಿಂದ ಕರ್ನಾಟಕ ಸರ್ಕಾರವು ತಾಳೆ ಬೆಳೆಗೆ ಸಹಾಯಧನ ನೀಡುತ್ತಿದೆ. ಒಂದು ಹೆಕ್ಟೇರ್ ಪ್ರದೇಶದಲ್ಲಿ ತಾಳೆ ಬೆಳೆ ಬೆಳೆಸಲು ಸಸಿಗಳನ್ನು ಉಚಿತವಾಗಿ ನೀಡಲಾಗುತ್ತಿದೆ. ಅಲ್ಲದೆ ನಿರ್ವಹಣೆಗೆ ಸಹಾಯಧನ ನೀಡಲಾಗುತ್ತದೆ ಎಂದರು.
ತಾಳೆ ಬೆಳೆ ಬೆಳೆದ ರೈತರಿಗೆ ಹೆಚ್ಚಿನ ಲಾಭ ಸಿಗಲಿದೆ ಎಂದು ತಿಳಿಸಿದರು. ಕೃಷಿ ಇಲಾಖೆ ಅಧಿಕಾರಿಗಳು, ರೈತ ಮುಖಂಡರು ಹಾಗೂ ನೂರಾರು ರೈತರು ಭಾಗವಹಿಸಿದ್ದರು. ಸೂರ್ಯಕಾಂತಿ ಹಾಗೂ ಶೇಂಗಾ ಬೆಳೆಗಳಿಗೆ ಹೋಲಿಸಿದರೆ ತಾಳೆ ಬೆಳೆಯಲ್ಲಿ ಹೆಚ್ಚು ಎಣ್ಣೆ ಉತ್ಪಾದನೆ ಸಾಧ್ಯ. ರೈತರು ಉತ್ತಮ ಆದಾಯ ಪಡೆಯಬಹುದು ಎಂದರು. ಹನುಮಂತಪ್ಪ, ಬಸವರಾಜ, ಈರಣ್ಣ, ಲಕ್ಷ್ಮಣ, ಶಿವಾನಂದ ಪಾಟೀಲ, ಅಕ್ಕಮ್ಮ, ಶರಣಪ್ಪ ಬಳಿಗೇರ, ಕುಮಾರ ಸೇರಿದಂತೆ ಹಲವರು ಇದ್ದರು.
ತಾಳೆ ಬೆಳೆ ಬೆಳೆದ ರೈತರಿಗೆ ಹೆಚ್ಚಿನ ಲಾಭ ಸಿಗಲಿದೆ ಎಂದು ತಿಳಿಸಿದರು. ಕೃಷಿ ಇಲಾಖೆ ಅಧಿಕಾರಿಗಳು, ರೈತ ಮುಖಂಡರು ಹಾಗೂ ನೂರಾರು ರೈತರು ಭಾಗವಹಿಸಿದ್ದರು. ಸೂರ್ಯಕಾಂತಿ ಹಾಗೂ ಶೇಂಗಾ ಬೆಳೆಗಳಿಗೆ ಹೋಲಿಸಿದರೆ ತಾಳೆ ಬೆಳೆಯಲ್ಲಿ ಹೆಚ್ಚು ಎಣ್ಣೆ ಉತ್ಪಾದನೆ ಸಾಧ್ಯ. ರೈತರು ಉತ್ತಮ ಆದಾಯ ಪಡೆಯಬಹುದು ಎಂದರು. ಹನುಮಂತಪ್ಪ, ಬಸವರಾಜ, ಈರಣ್ಣ, ಲಕ್ಷ್ಮಣ, ಶಿವಾನಂದ ಪಾಟೀಲ, ಅಕ್ಕಮ್ಮ, ಶರಣಪ್ಪ ಬಳಿಗೇರ, ಕುಮಾರ ಸೇರಿದಂತೆ ಹಲವರು ಇದ್ದರು.
ಸಾಹಿತಿ ಡಾ.ಚೆಕ್ಕಿಗೆ ಸಾಧಕ ಭೂಷಣ ಪ್ರಶಸ್ತಿಯ ಗರಿ
ಕಲಬುರಗಿ: ಜಿಲ್ಲೆಯ ಹಿರಿಯ ಸಾಹಿತಿ ಮತ್ತು ವಿಶ್ರಾಂತ ಪ್ರಾಧ್ಯಾಪಕರಾದ ಡಾ.ಶೋಭಾದೇವಿ ಚೆಕ್ಕಿ ಅವರ ಸಾಹಿತ್ಯ ಸಂಸ್ಕೃತಿಯ ಸೇವೆಯನ್ನು ಪರಿಗಣಿಸಿ ಬೆಳಗಾವಿ ಜಿಲ್ಲೆ, ಚಿಕ್ಕೋಡಿ ತಾಲ್ಲೂಕಿನ ಕಲ್ಪ ಕಾಮಧೇನು ಫೌಂಡೇಶನ್ (ರಿ) ನಾಗರಮುನ್ನೋಳಿ ಅವರು ೨೦೨೫ನೇ ಸಾಲಿನ ಅಂತರಾಷ್ಟ್ರೀಯ "ಸಾಧಕ ಭೂಷಣ" ಪ್ರಶಸ್ತಿಗೆ ಆಯ್ಕೆ ಮಾಡಿದ್ದಾರೆ. ಇದೇ ಜುಲೈ ೨೭ ರಂದು ಗೋಕಾಕ ನಗರದಲ್ಲಿ ನಡೆಯುವ ಸಮಾರಂಭದಲ್ಲಿ ಪ್ರಶಸ್ತಿ ಪ್ರದಾನ ಮಾಡಲಾಗುವುದು ಎಂದು ಸಂಘಟಕರು ತಿಳಿಸಿದ್ದಾರೆ. ಡಾ.ಗವಿಸಿದ್ದಪ್ಪ ಪಾಟೀಲ ಮತ್ತು ಪದಾಧಿಕಾರಿಗಳು ಅಭಿನಂದಿಸಿದ್ದಾರೆ.
